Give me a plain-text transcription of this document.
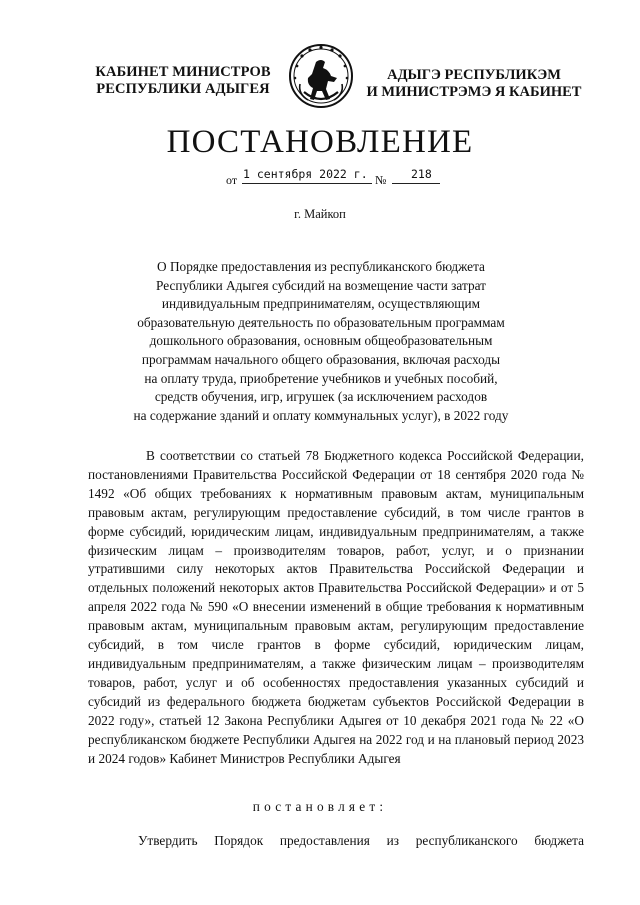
КАБИНЕТ МИНИСТРОВ
РЕСПУБЛИКИ АДЫГЕЯ
АДЫГЭ РЕСПУБЛИКЭМ
И МИНИСТРЭМЭ Я КАБИНЕТ
ПОСТАНОВЛЕНИЕ
от 1 сентября 2022 г. № 218
г. Майкоп
О Порядке предоставления из республиканского бюджета
Республики Адыгея субсидий на возмещение части затрат
индивидуальным предпринимателям, осуществляющим
образовательную деятельность по образовательным программам
дошкольного образования, основным общеобразовательным
программам начального общего образования, включая расходы
на оплату труда, приобретение учебников и учебных пособий,
средств обучения, игр, игрушек (за исключением расходов
на содержание зданий и оплату коммунальных услуг), в 2022 году
В соответствии со статьей 78 Бюджетного кодекса Российской Федерации, постановлениями Правительства Российской Федерации от 18 сентября 2020 года № 1492 «Об общих требованиях к нормативным правовым актам, муниципальным правовым актам, регулирующим предоставление субсидий, в том числе грантов в форме субсидий, юридическим лицам, индивидуальным предпринимателям, а также физическим лицам – производителям товаров, работ, услуг, и о признании утратившими силу некоторых актов Правительства Российской Федерации и отдельных положений некоторых актов Правительства Российской Федерации» и от 5 апреля 2022 года № 590 «О внесении изменений в общие требования к нормативным правовым актам, муниципальным правовым актам, регулирующим предоставление субсидий, в том числе грантов в форме субсидий, юридическим лицам, индивидуальным предпринимателям, а также физическим лицам – производителям товаров, работ, услуг и об особенностях предоставления указанных субсидий и субсидий из федерального бюджета бюджетам субъектов Российской Федерации в 2022 году», статьей 12 Закона Республики Адыгея от 10 декабря 2021 года № 22 «О республиканском бюджете Республики Адыгея на 2022 год и на плановый период 2023 и 2024 годов» Кабинет Министров Республики Адыгея
постановляет:
Утвердить Порядок предоставления из республиканского бюджета
